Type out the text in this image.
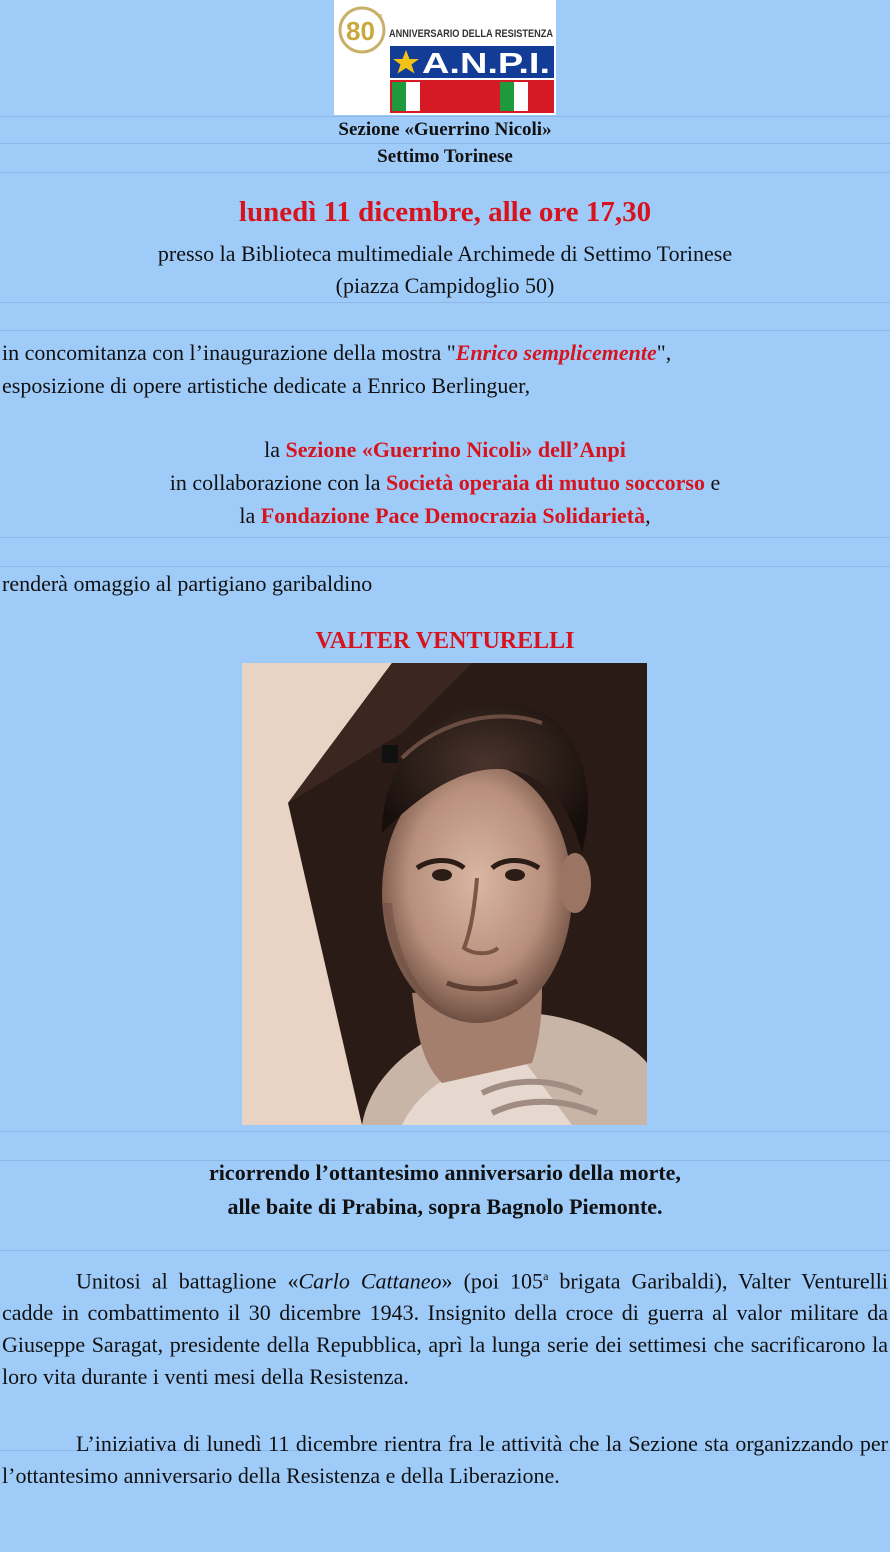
80 °
ANNIVERSARIO DELLA RESISTENZA
A.N.P.I.
Sezione «Guerrino Nicoli»
Settimo Torinese
lunedì 11 dicembre, alle ore 17,30
presso la Biblioteca multimediale Archimede di Settimo Torinese
(piazza Campidoglio 50)
in concomitanza con l’inaugurazione della mostra "Enrico semplicemente",
esposizione di opere artistiche dedicate a Enrico Berlinguer,
la Sezione «Guerrino Nicoli» dell’Anpi
in collaborazione con la Società operaia di mutuo soccorso e
la Fondazione Pace Democrazia Solidarietà,
renderà omaggio al partigiano garibaldino
VALTER VENTURELLI
ricorrendo l’ottantesimo anniversario della morte,
alle baite di Prabina, sopra Bagnolo Piemonte.
Unitosi al battaglione «Carlo Cattaneo» (poi 105$^a$ brigata Garibaldi), Valter Venturelli cadde in combattimento il 30 dicembre 1943. Insignito della croce di guerra al valor militare da Giuseppe Saragat, presidente della Repubblica, aprì la lunga serie dei settimesi che sacrificarono la loro vita durante i venti mesi della Resistenza.
L’iniziativa di lunedì 11 dicembre rientra fra le attività che la Sezione sta organizzando per l’ottantesimo anniversario della Resistenza e della Liberazione.
